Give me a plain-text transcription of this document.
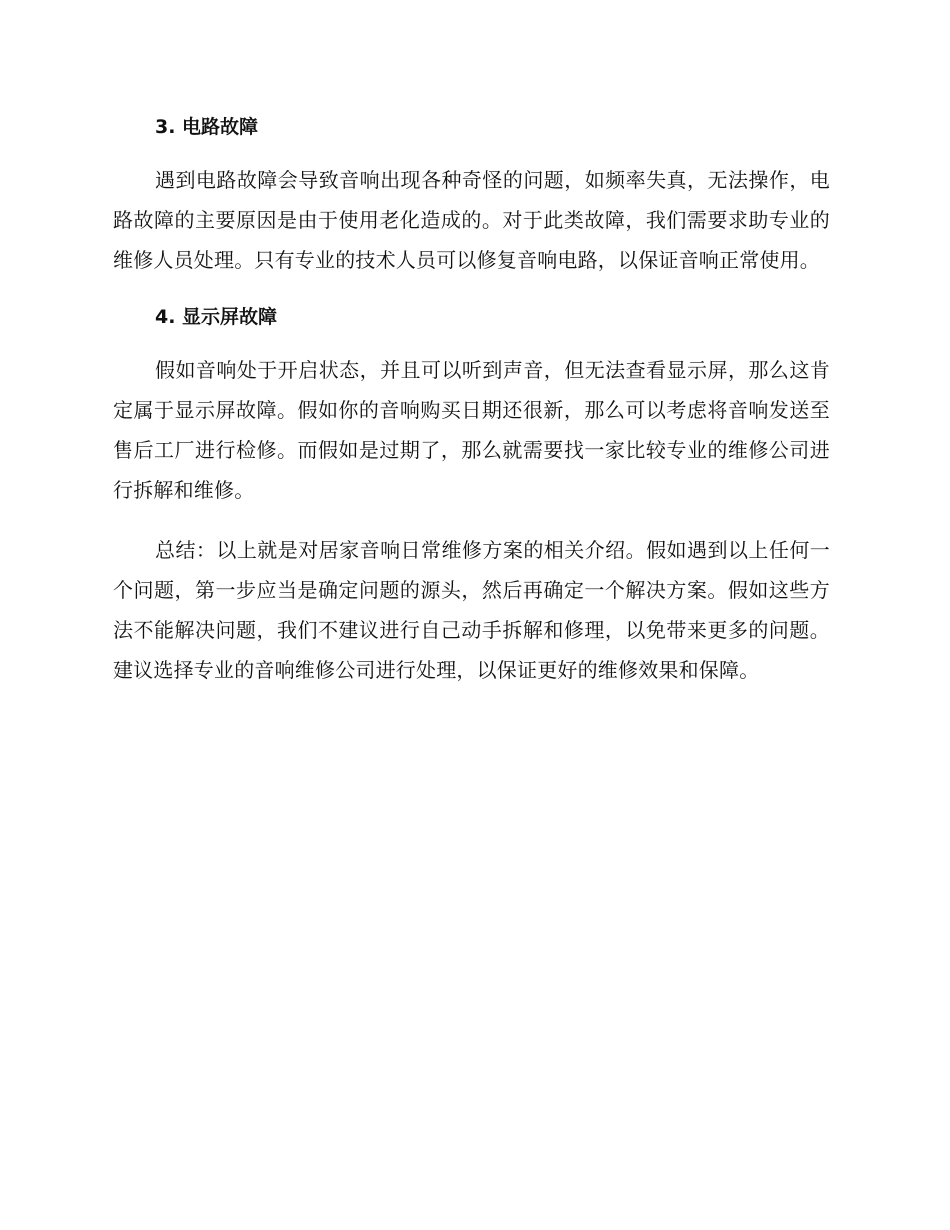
3. 电路故障

遇到电路故障会导致音响出现各种奇怪的问题，如频率失真，无法操作，电路故障的主要原因是由于使用老化造成的。对于此类故障，我们需要求助专业的维修人员处理。只有专业的技术人员可以修复音响电路，以保证音响正常使用。

4. 显示屏故障

假如音响处于开启状态，并且可以听到声音，但无法查看显示屏，那么这肯定属于显示屏故障。假如你的音响购买日期还很新，那么可以考虑将音响发送至售后工厂进行检修。而假如是过期了，那么就需要找一家比较专业的维修公司进行拆解和维修。

总结：以上就是对居家音响日常维修方案的相关介绍。假如遇到以上任何一个问题，第一步应当是确定问题的源头，然后再确定一个解决方案。假如这些方法不能解决问题，我们不建议进行自己动手拆解和修理，以免带来更多的问题。建议选择专业的音响维修公司进行处理，以保证更好的维修效果和保障。
